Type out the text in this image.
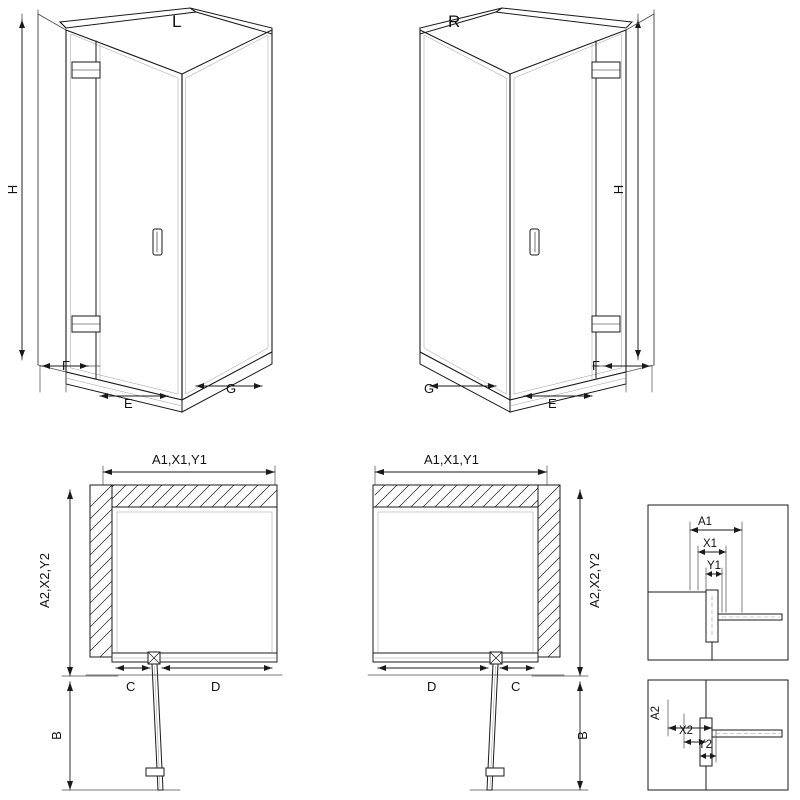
L
H
F
E
G
R
H
G
E
F
A1,X1,Y1
A2,X2,Y2
C	D
B
A1,X1,Y1
A2,X2,Y2
D	C
B
A1
X1
Y1
A2
X2
Y2
